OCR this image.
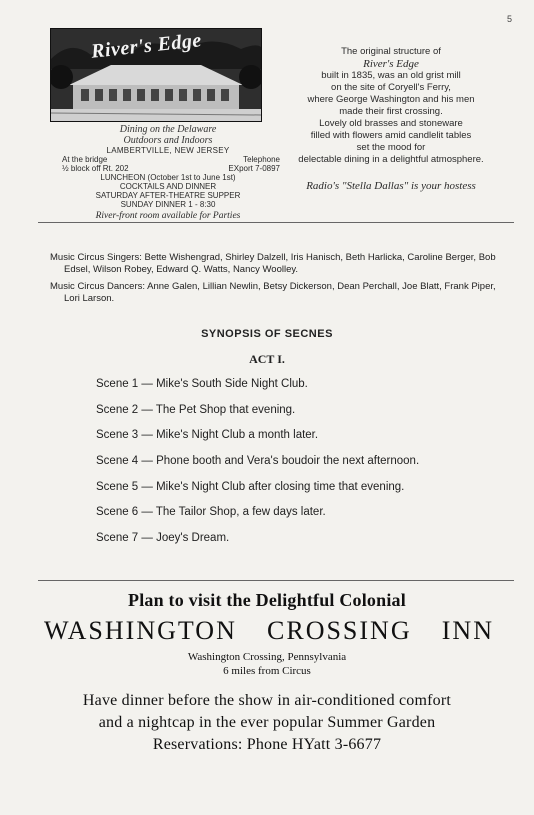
5
River's Edge
Dining on the Delaware
Outdoors and Indoors
LAMBERTVILLE, NEW JERSEY
At the bridge	Telephone
½ block off Rt. 202	EXport 7-0897
LUNCHEON (October 1st to June 1st)
COCKTAILS AND DINNER
SATURDAY AFTER-THEATRE SUPPER
SUNDAY DINNER 1 - 8:30
River-front room available for Parties
The original structure of
River's Edge
built in 1835, was an old grist mill
on the site of Coryell's Ferry,
where George Washington and his men
made their first crossing.
Lovely old brasses and stoneware
filled with flowers amid candlelit tables
set the mood for
delectable dining in a delightful atmosphere.
Radio's "Stella Dallas" is your hostess

Music Circus Singers: Bette Wishengrad, Shirley Dalzell, Iris Hanisch, Beth Harlicka, Caroline Berger, Bob Edsel, Wilson Robey, Edward Q. Watts, Nancy Woolley.

Music Circus Dancers: Anne Galen, Lillian Newlin, Betsy Dickerson, Dean Perchall, Joe Blatt, Frank Piper, Lori Larson.

SYNOPSIS OF SECNES
ACT I.
Scene 1 — Mike's South Side Night Club.
Scene 2 — The Pet Shop that evening.
Scene 3 — Mike's Night Club a month later.
Scene 4 — Phone booth and Vera's boudoir the next afternoon.
Scene 5 — Mike's Night Club after closing time that evening.
Scene 6 — The Tailor Shop, a few days later.
Scene 7 — Joey's Dream.
Plan to visit the Delightful Colonial
WASHINGTON CROSSING INN
Washington Crossing, Pennsylvania
6 miles from Circus
Have dinner before the show in air-conditioned comfort
and a nightcap in the ever popular Summer Garden
Reservations: Phone HYatt 3-6677
